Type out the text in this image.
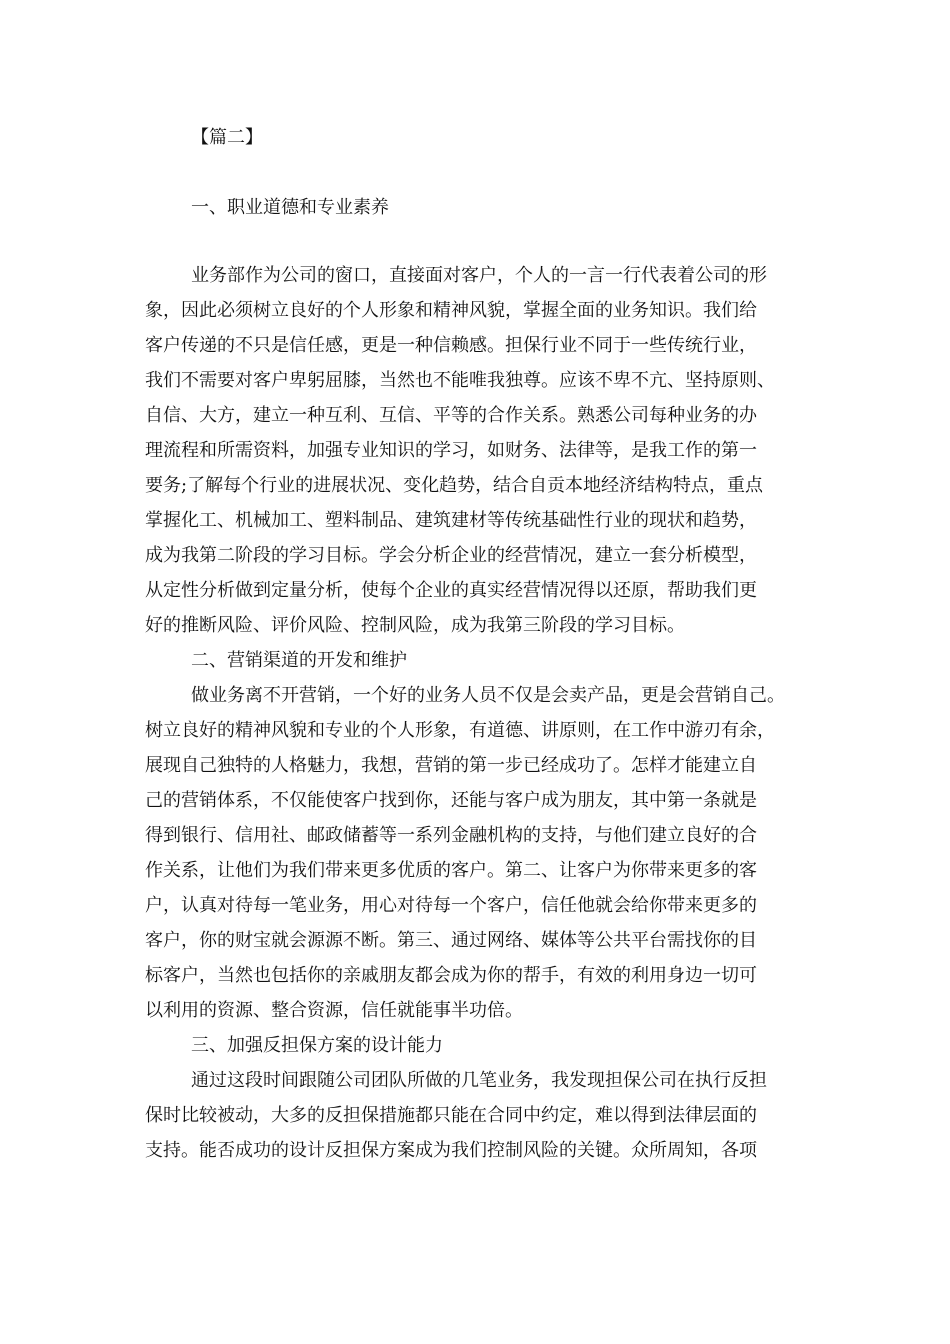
【篇二】
一、职业道德和专业素养
业务部作为公司的窗口，直接面对客户，个人的一言一行代表着公司的形
象，因此必须树立良好的个人形象和精神风貌，掌握全面的业务知识。我们给
客户传递的不只是信任感，更是一种信赖感。担保行业不同于一些传统行业，
我们不需要对客户卑躬屈膝，当然也不能唯我独尊。应该不卑不亢、坚持原则、
自信、大方，建立一种互利、互信、平等的合作关系。熟悉公司每种业务的办
理流程和所需资料，加强专业知识的学习，如财务、法律等，是我工作的第一
要务;了解每个行业的进展状况、变化趋势，结合自贡本地经济结构特点，重点
掌握化工、机械加工、塑料制品、建筑建材等传统基础性行业的现状和趋势，
成为我第二阶段的学习目标。学会分析企业的经营情况，建立一套分析模型，
从定性分析做到定量分析，使每个企业的真实经营情况得以还原，帮助我们更
好的推断风险、评价风险、控制风险，成为我第三阶段的学习目标。
二、营销渠道的开发和维护
做业务离不开营销，一个好的业务人员不仅是会卖产品，更是会营销自己。
树立良好的精神风貌和专业的个人形象，有道德、讲原则，在工作中游刃有余，
展现自己独特的人格魅力，我想，营销的第一步已经成功了。怎样才能建立自
己的营销体系，不仅能使客户找到你，还能与客户成为朋友，其中第一条就是
得到银行、信用社、邮政储蓄等一系列金融机构的支持，与他们建立良好的合
作关系，让他们为我们带来更多优质的客户。第二、让客户为你带来更多的客
户，认真对待每一笔业务，用心对待每一个客户，信任他就会给你带来更多的
客户，你的财宝就会源源不断。第三、通过网络、媒体等公共平台需找你的目
标客户，当然也包括你的亲戚朋友都会成为你的帮手，有效的利用身边一切可
以利用的资源、整合资源，信任就能事半功倍。
三、加强反担保方案的设计能力
通过这段时间跟随公司团队所做的几笔业务，我发现担保公司在执行反担
保时比较被动，大多的反担保措施都只能在合同中约定，难以得到法律层面的
支持。能否成功的设计反担保方案成为我们控制风险的关键。众所周知，各项
